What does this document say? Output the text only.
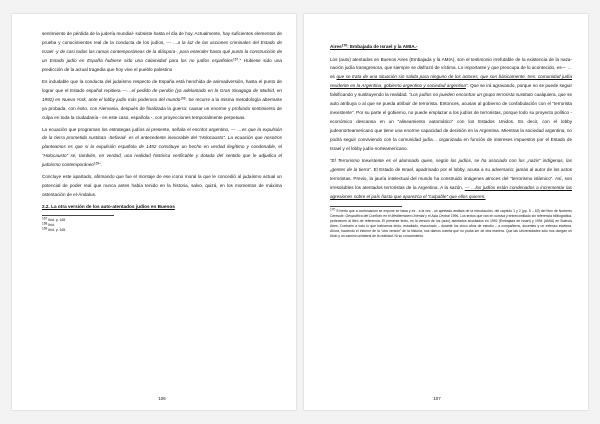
sentimiento de pérdida de la judería mundial- subsiste hasta el día de hoy. Actualmente, hay suficientes elementos de prueba y conocimientos real de la conducta de los judíos, — …a la luz de las acciones criminales del Estado de Israel -y de casi todas las ramas contemporáneas de la diáspora-, para entender hasta qué punto la construcción de un Estado judío en España hubiese sido una calamidad para los no judíos españoles$^{167}$.” Hubiese sido una predicción de la actual tragedia que hoy vive el pueblo palestino

Es indudable que la conducta del judaísmo respecto de España está henchida de animadversión, hasta el punto de lograr que el Estado español repitiera —…el pedido de perdón (ya adelantado en la Gran Sinagoga de Madrid, en 1992) en Nueva York, ante el lobby judío más poderoso del mundo$^{168}$. Se recurre a la misma metodología aberrante ya probada, con éxito, con Alemania, después de finalizada la guerra: causar un enorme y profundo sentimiento de culpa en toda la ciudadanía - en este caso, española -, con proyecciones temporalmente perpetuas.

La ecuación que programan los estrategas judíos al presente, señala el escritor argentino, — …es que la expulsión de la tierra prometida sustituta -Sefarad- es el antecedente inexorable del “Holocausto”. La ecuación que nosotros planteamos es que si la expulsión española de 1492 constituye un hecho en verdad ilegítimo y condenable, el “Holocausto” se, también, en verdad, una realidad histórica verificable y dotada del sentido que le adjudica el judaísmo contemporáneo$^{169}$”.

Concluye este apartado, afirmando que fue el montaje de ese icono moral la que le concedió al judaísmo actual un potencial de poder real que nunca antes había tenido en la historia, salvo, quizá, en los momentos de máxima ostentación de el-Ándalus.

2.2. La otra versión de los auto-atentados judíos en Buenos

$^{167}$ Ibíd. p. 165

$^{168}$ Ibíd.

$^{169}$ Ibíd. p. 165

106
Aires$^{170}$: Embajada de Israel y la AMIA.-

Los (auto) atentados en Buenos Aires (Embajada y la AMIA), son el testimonio irrefutable de la existencia de la naza-nación judía transgresora, que siempre se disfrazó de víctima. Lo importante y que preocupa de lo acontecido, es— …es que se trata de una situación sin salida para ninguno de los actores, que son básicamente, tres: comunidad judía residente en la Argentina, gobierno argentino y sociedad argentina”. Que se irá agravando, porque no se puede seguir falsificando y sustituyendo la realidad. “Los judíos no pueden encontrar un grupo terrorista sustituto cualquiera, que se auto atribuya o al que se pueda atribuir de terrorista. Entonces, acusan al gobierno de confabulación con el “terrorista inexistente”. Por su parte el gobierno, no puede emplazar a los judíos de terroristas, porque todo su proyecto político - económico descansa en un “alineamiento automático” con los Estados Unidos. Es decir, con el lobby judeonorteamericano que tiene una enorme capacidad de decisión en la Argentina. Mientras la sociedad argentina, no podrá seguir conviviendo con la comunidad judía… organizada en función de intereses impuestos por el Estado de Israel y el lobby judío-norteamericano.

“El Terrorismo Inexistente es el alumnado quien, según los judíos, se ha asociado con los „nazis‟ indígenas, las „gentes de la tierra‟. El Estado de Israel, apadrinado por el lobby, acusa a su adversario; jamás al autor de los actos terroristas. Previo, la jauría intelectual del mundo ha construido imágenes atroces del “terrorismo islámico”. Así, son irresolubles los atentados terroristas de la Argentina. A la sazón, — …los judíos están condenados a incrementar las agresiones sobre el país hasta que aparezca el “culpable” que ellos quieren.

$^{170}$ El texto que a continuación se expone se basa y es - a la vez - un apretado análisis de la introducción, del capítulo 1 y 2 (pp. 5 – 63) del libro de Norberto Ceresole: Geopolítica del Conflicto en el Mediterráneo Oriental y el Asia Central 1996. Los textos que van en cursiva y entrecomillado sin referencia bibliográfica, pertenecen al libro de referencia. El presente texto, es la versión de los (auto) atentados suscitados en 1992 (Embajada de Israel) y 1994 (AMIA) en Buenos Aires. Contrario a todo lo que habíamos leído, estudiado, escuchado – durante los cinco años de estudio – a compañeros, docentes y un extenso etcétera. Ahora, haciendo el informe de la “otra versión” de la historia, nos damos cuenta que no podía ser de otra manera. Que las Universidades sólo nos otorgan un título y un camino unilateral de la realidad. Ni su conocimiento.

107
